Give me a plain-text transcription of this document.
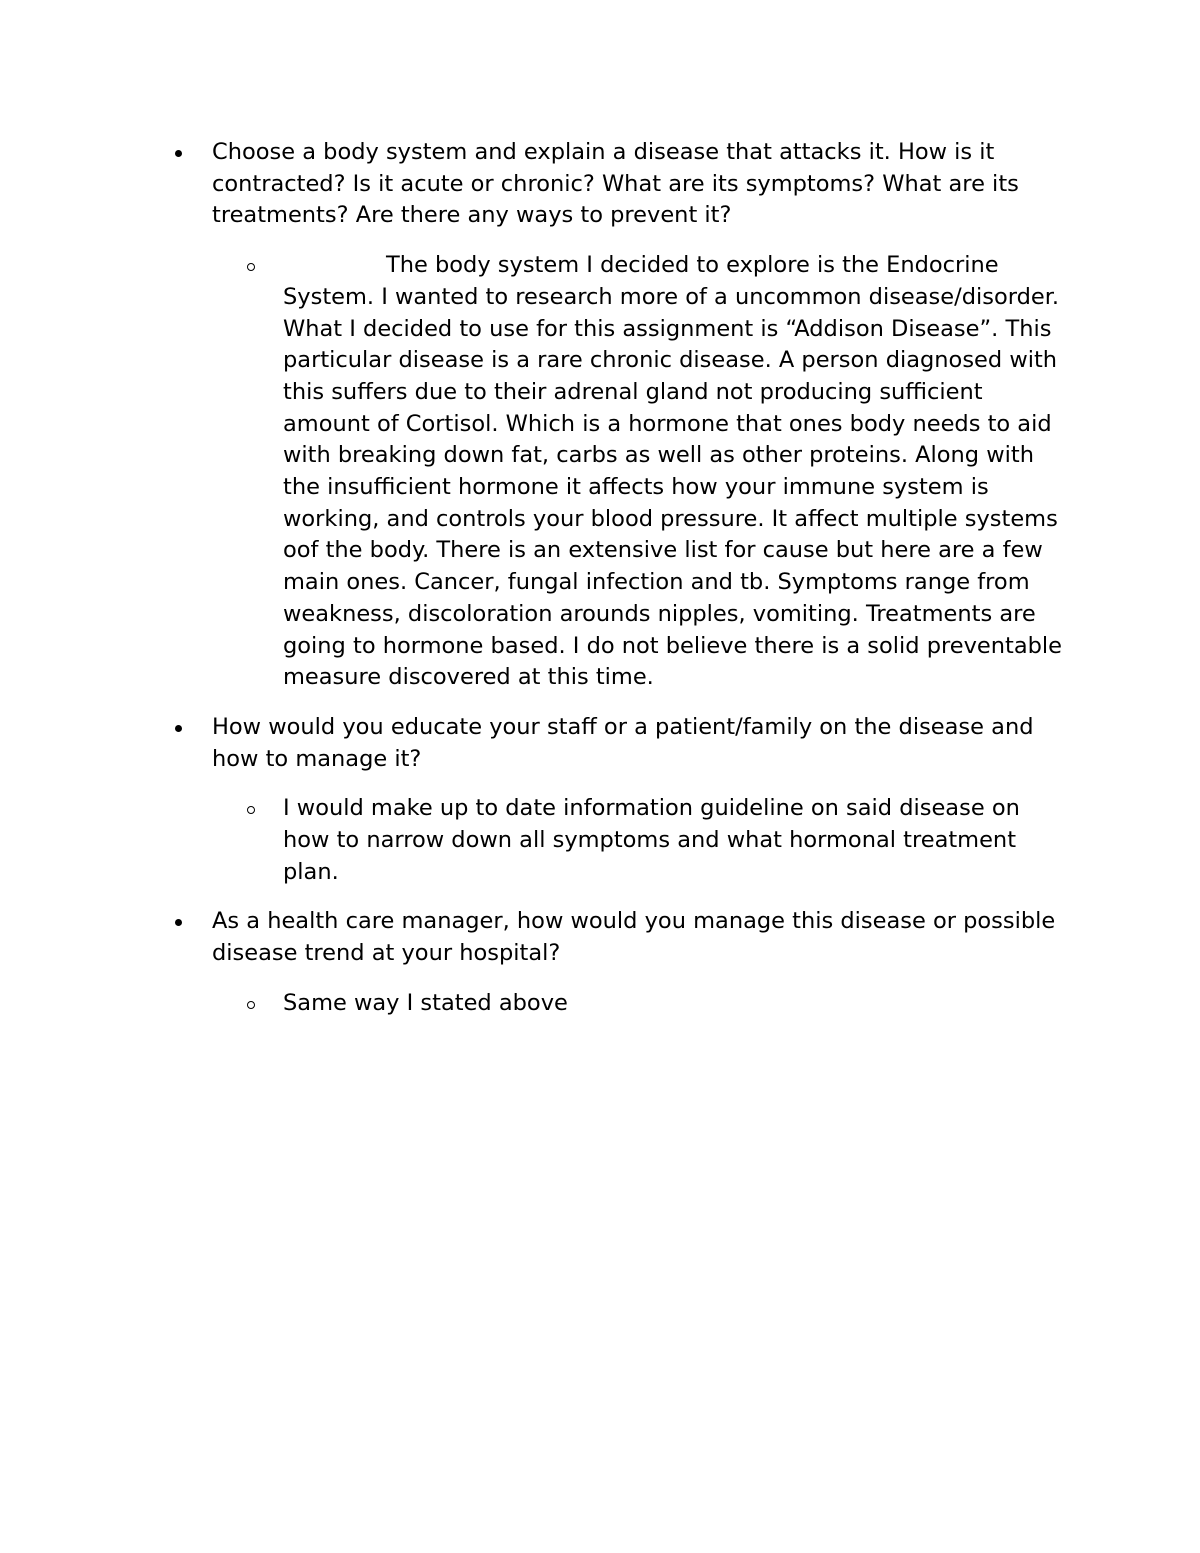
Choose a body system and explain a disease that attacks it. How is it contracted? Is it acute or chronic? What are its symptoms? What are its treatments? Are there any ways to prevent it?
The body system I decided to explore is the Endocrine System. I wanted to research more of a uncommon disease/disorder. What I decided to use for this assignment is “Addison Disease”. This particular disease is a rare chronic disease. A person diagnosed with this suffers due to their adrenal gland not producing sufficient amount of Cortisol. Which is a hormone that ones body needs to aid with breaking down fat, carbs as well as other proteins. Along with the insufficient hormone it affects how your immune system is working, and controls your blood pressure. It affect multiple systems oof the body. There is an extensive list for cause but here are a few main ones. Cancer, fungal infection and tb. Symptoms range from weakness, discoloration arounds nipples, vomiting. Treatments are going to hormone based. I do not believe there is a solid preventable measure discovered at this time.
How would you educate your staff or a patient/family on the disease and how to manage it?
I would make up to date information guideline on said disease on how to narrow down all symptoms and what hormonal treatment plan.
As a health care manager, how would you manage this disease or possible disease trend at your hospital?
Same way I stated above
